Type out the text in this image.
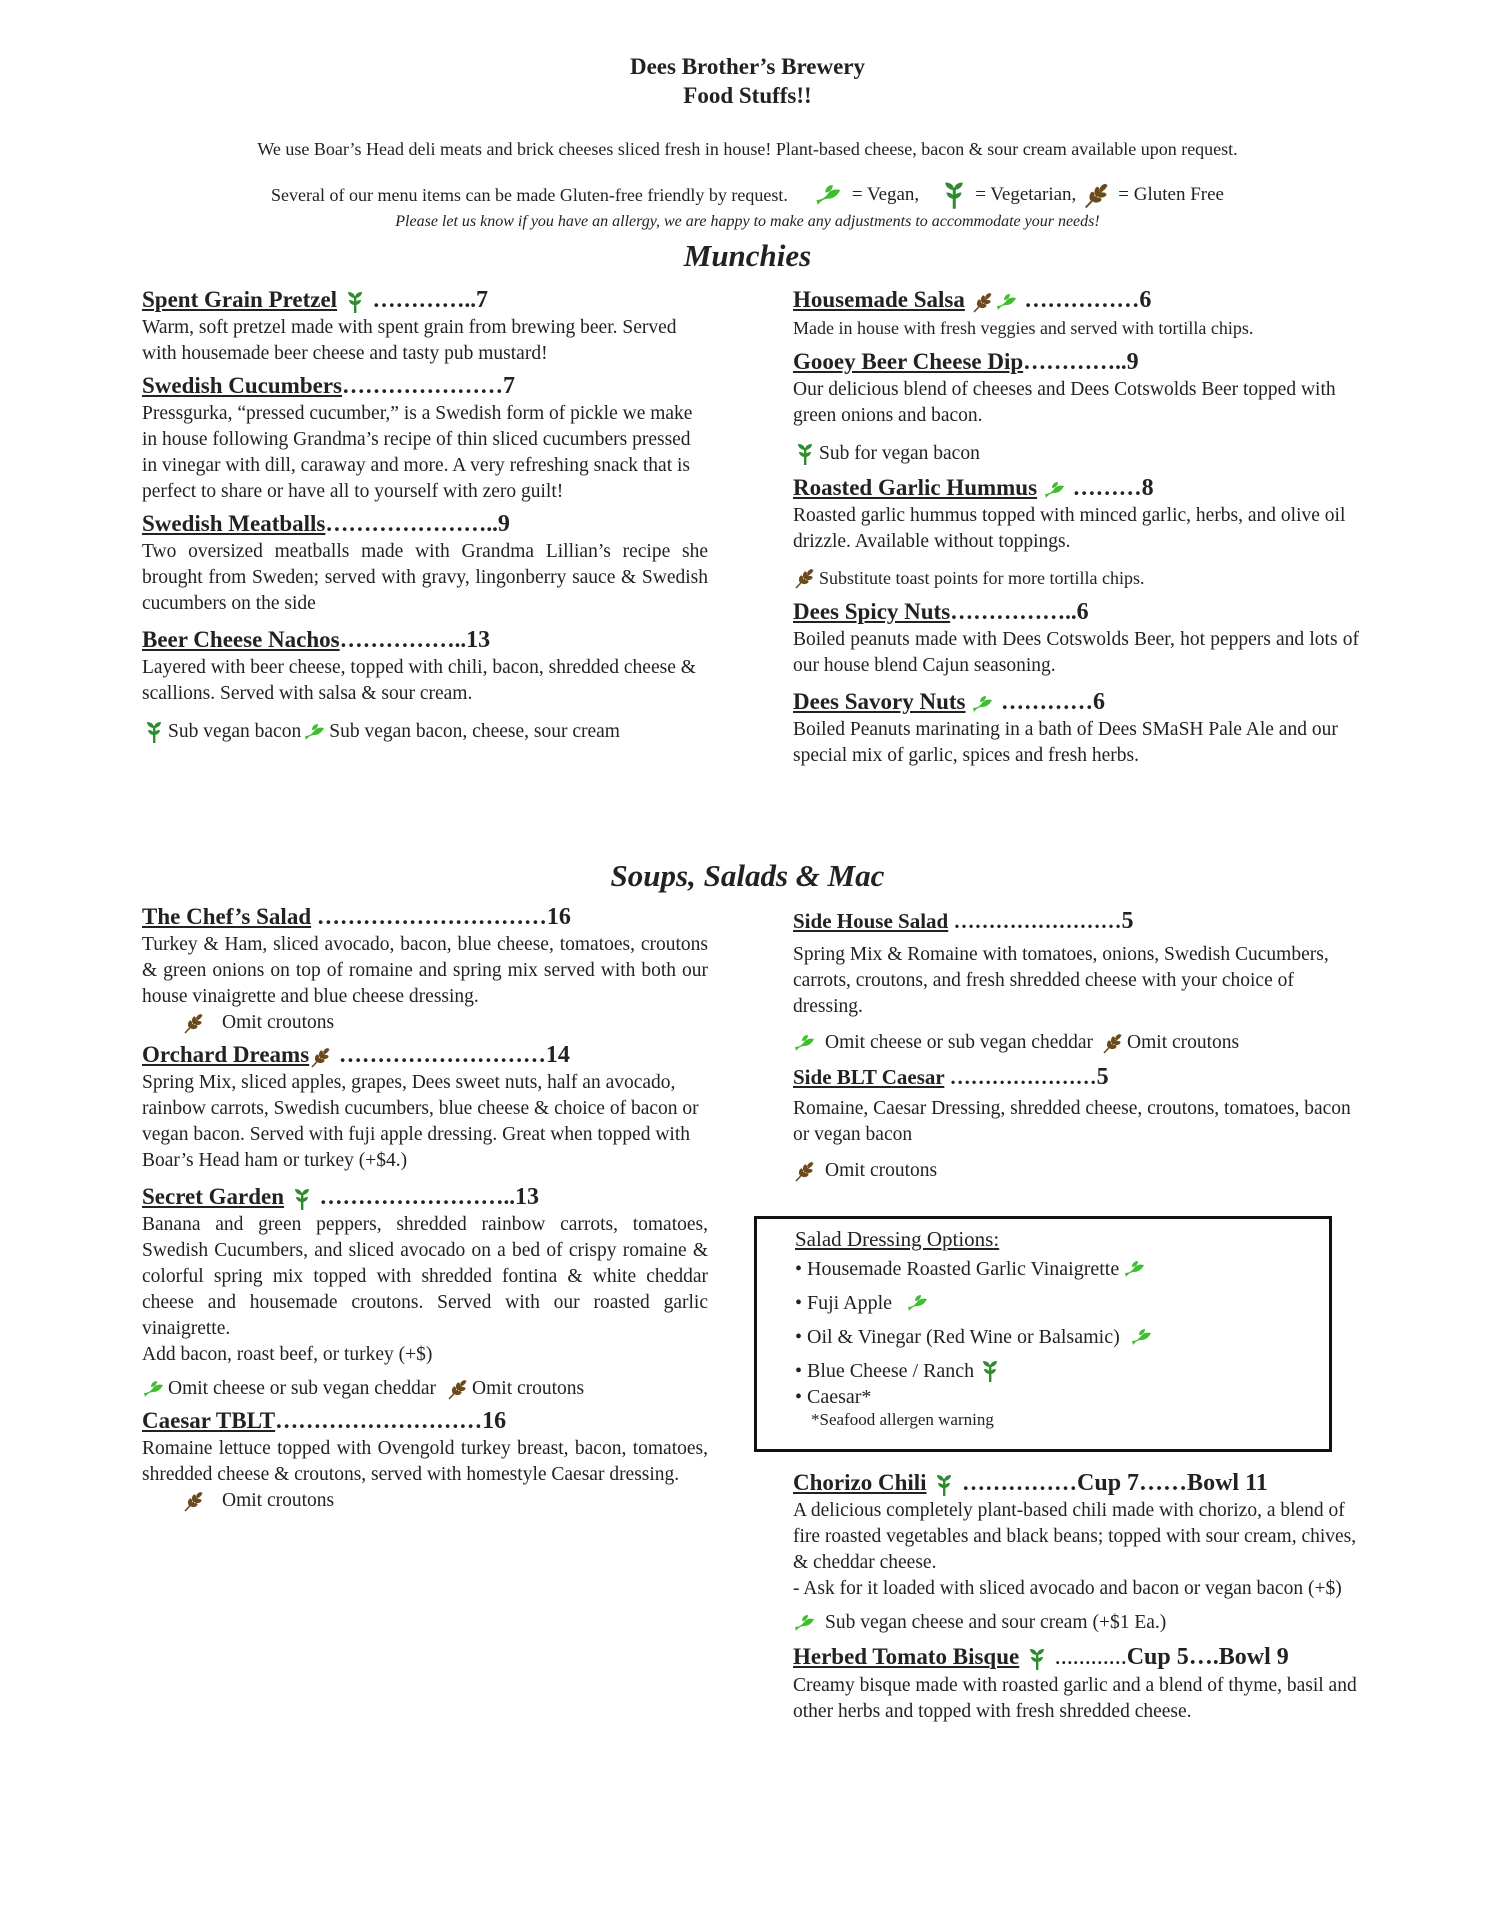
Dees Brother’s Brewery
Food Stuffs!!
We use Boar’s Head deli meats and brick cheeses sliced fresh in house! Plant-based cheese, bacon & sour cream available upon request.
Several of our menu items can be made Gluten-free friendly by request.	= Vegan,	= Vegetarian, = Gluten Free
Please let us know if you have an allergy, we are happy to make any adjustments to accommodate your needs!
Munchies
Spent Grain Pretzel …………..7
Warm, soft pretzel made with spent grain from brewing beer. Served with housemade beer cheese and tasty pub mustard!
Swedish Cucumbers…………………7
Pressgurka, “pressed cucumber,” is a Swedish form of pickle we make in house following Grandma’s recipe of thin sliced cucumbers pressed in vinegar with dill, caraway and more. A very refreshing snack that is perfect to share or have all to yourself with zero guilt!
Swedish Meatballs…………………..9
Two oversized meatballs made with Grandma Lillian’s recipe she brought from Sweden; served with gravy, lingonberry sauce & Swedish cucumbers on the side
Beer Cheese Nachos……………..13
Layered with beer cheese, topped with chili, bacon, shredded cheese & scallions. Served with salsa & sour cream.
Sub vegan bacon Sub vegan bacon, cheese, sour cream
Housemade Salsa	……………6
Made in house with fresh veggies and served with tortilla chips.
Gooey Beer Cheese Dip…………..9
Our delicious blend of cheeses and Dees Cotswolds Beer topped with green onions and bacon.
Sub for vegan bacon
Roasted Garlic Hummus ………8
Roasted garlic hummus topped with minced garlic, herbs, and olive oil drizzle. Available without toppings.
Substitute toast points for more tortilla chips.
Dees Spicy Nuts……………..6
Boiled peanuts made with Dees Cotswolds Beer, hot peppers and lots of our house blend Cajun seasoning.
Dees Savory Nuts …………6
Boiled Peanuts marinating in a bath of Dees SMaSH Pale Ale and our special mix of garlic, spices and fresh herbs.
Soups, Salads & Mac
The Chef’s Salad …………………………16
Turkey & Ham, sliced avocado, bacon, blue cheese, tomatoes, croutons & green onions on top of romaine and spring mix served with both our house vinaigrette and blue cheese dressing.
Omit croutons
Orchard Dreams ………………………14
Spring Mix, sliced apples, grapes, Dees sweet nuts, half an avocado, rainbow carrots, Swedish cucumbers, blue cheese & choice of bacon or vegan bacon. Served with fuji apple dressing. Great when topped with Boar’s Head ham or turkey (+$4.)
Secret Garden ……………………..13
Banana and green peppers, shredded rainbow carrots, tomatoes, Swedish Cucumbers, and sliced avocado on a bed of crispy romaine & colorful spring mix topped with shredded fontina & white cheddar cheese and housemade croutons. Served with our roasted garlic vinaigrette.
Add bacon, roast beef, or turkey (+$)
Omit cheese or sub vegan cheddar Omit croutons
Caesar TBLT………………………16
Romaine lettuce topped with Ovengold turkey breast, bacon, tomatoes, shredded cheese & croutons, served with homestyle Caesar dressing.
Omit croutons
Side House Salad ……………………5
Spring Mix & Romaine with tomatoes, onions, Swedish Cucumbers, carrots, croutons, and fresh shredded cheese with your choice of dressing.
Omit cheese or sub vegan cheddar Omit croutons
Side BLT Caesar …………………5
Romaine, Caesar Dressing, shredded cheese, croutons, tomatoes, bacon or vegan bacon
Omit croutons
Salad Dressing Options:
• Housemade Roasted Garlic Vinaigrette
• Fuji Apple
• Oil & Vinegar (Red Wine or Balsamic)
• Blue Cheese / Ranch
• Caesar*
*Seafood allergen warning
Chorizo Chili ……………Cup 7……Bowl 11
A delicious completely plant-based chili made with chorizo, a blend of fire roasted vegetables and black beans; topped with sour cream, chives, & cheddar cheese.
- Ask for it loaded with sliced avocado and bacon or vegan bacon (+$)
Sub vegan cheese and sour cream (+$1 Ea.)
Herbed Tomato Bisque …………Cup 5….Bowl 9
Creamy bisque made with roasted garlic and a blend of thyme, basil and other herbs and topped with fresh shredded cheese.
